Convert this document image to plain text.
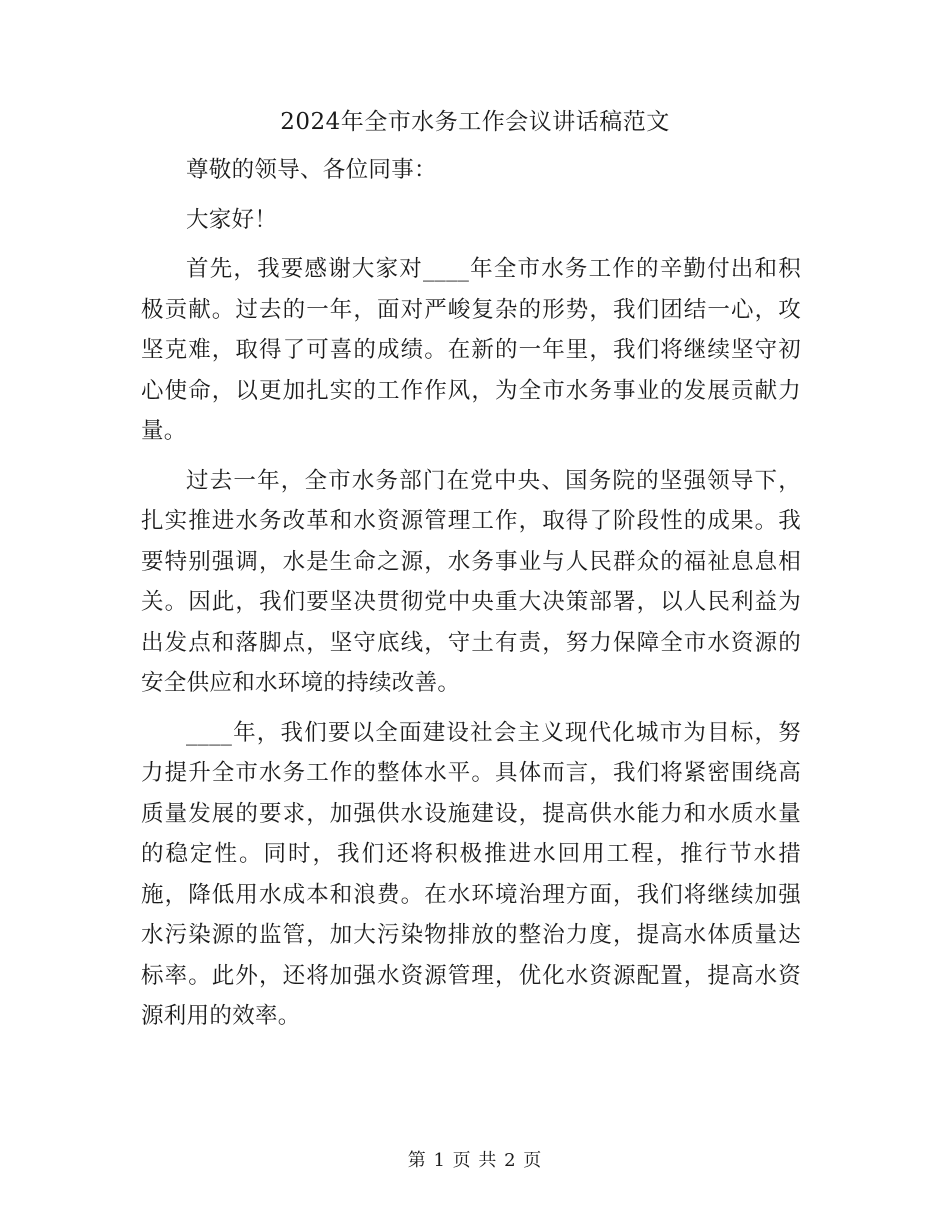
2024年全市水务工作会议讲话稿范文

尊敬的领导、各位同事：

大家好！

首先，我要感谢大家对____年全市水务工作的辛勤付出和积极贡献。过去的一年，面对严峻复杂的形势，我们团结一心，攻坚克难，取得了可喜的成绩。在新的一年里，我们将继续坚守初心使命，以更加扎实的工作作风，为全市水务事业的发展贡献力量。

过去一年，全市水务部门在党中央、国务院的坚强领导下，扎实推进水务改革和水资源管理工作，取得了阶段性的成果。我要特别强调，水是生命之源，水务事业与人民群众的福祉息息相关。因此，我们要坚决贯彻党中央重大决策部署，以人民利益为出发点和落脚点，坚守底线，守土有责，努力保障全市水资源的安全供应和水环境的持续改善。

____年，我们要以全面建设社会主义现代化城市为目标，努力提升全市水务工作的整体水平。具体而言，我们将紧密围绕高质量发展的要求，加强供水设施建设，提高供水能力和水质水量的稳定性。同时，我们还将积极推进水回用工程，推行节水措施，降低用水成本和浪费。在水环境治理方面，我们将继续加强水污染源的监管，加大污染物排放的整治力度，提高水体质量达标率。此外，还将加强水资源管理，优化水资源配置，提高水资源利用的效率。

第 1 页 共 2 页
